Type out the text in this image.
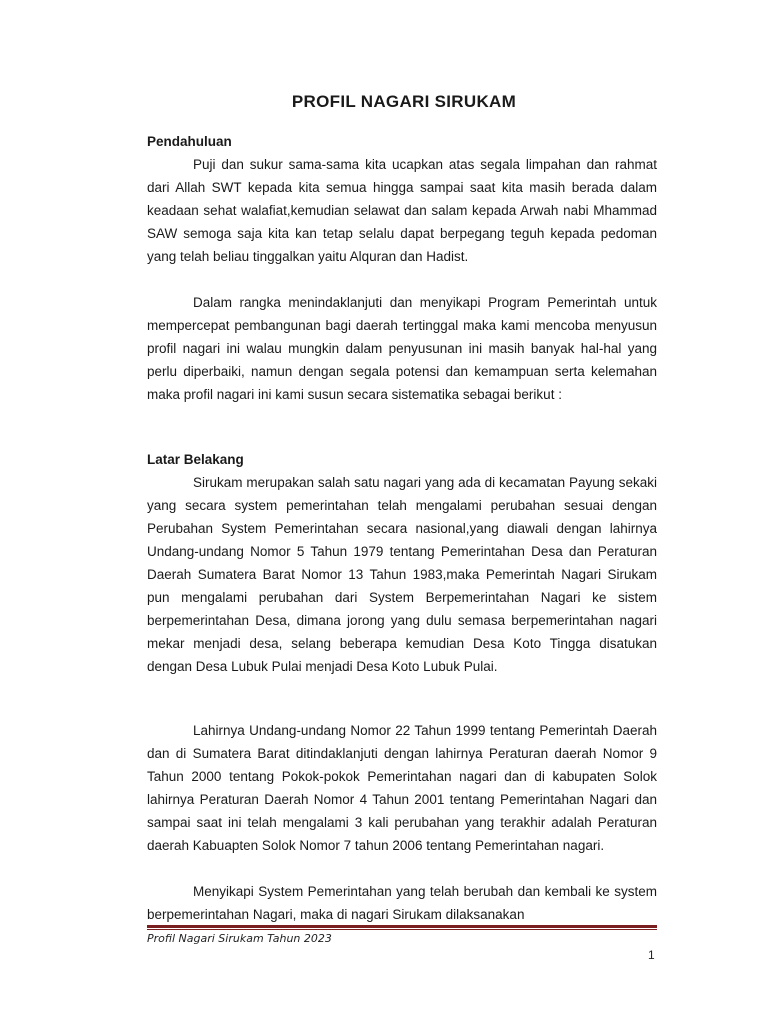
PROFIL NAGARI SIRUKAM
Pendahuluan

Puji dan sukur sama-sama kita ucapkan atas segala limpahan dan rahmat dari Allah SWT kepada kita semua hingga sampai saat kita masih berada dalam keadaan sehat walafiat,kemudian selawat dan salam kepada Arwah nabi Mhammad SAW semoga saja kita kan tetap selalu dapat berpegang teguh kepada pedoman yang telah beliau tinggalkan yaitu Alquran dan Hadist.

Dalam rangka menindaklanjuti dan menyikapi Program Pemerintah untuk mempercepat pembangunan bagi daerah tertinggal maka kami mencoba menyusun profil nagari ini walau mungkin dalam penyusunan ini masih banyak hal-hal yang perlu diperbaiki, namun dengan segala potensi dan kemampuan serta kelemahan maka profil nagari ini kami susun secara sistematika sebagai berikut :

Latar Belakang

Sirukam merupakan salah satu nagari yang ada di kecamatan Payung sekaki yang secara system pemerintahan telah mengalami perubahan sesuai dengan Perubahan System Pemerintahan secara nasional,yang diawali dengan lahirnya Undang-undang Nomor 5 Tahun 1979 tentang Pemerintahan Desa dan Peraturan Daerah Sumatera Barat Nomor 13 Tahun 1983,maka Pemerintah Nagari Sirukam pun mengalami perubahan dari System Berpemerintahan Nagari ke sistem berpemerintahan Desa, dimana jorong yang dulu semasa berpemerintahan nagari mekar menjadi desa, selang beberapa kemudian Desa Koto Tingga disatukan dengan Desa Lubuk Pulai menjadi Desa Koto Lubuk Pulai.

Lahirnya Undang-undang Nomor 22 Tahun 1999 tentang Pemerintah Daerah dan di Sumatera Barat ditindaklanjuti dengan lahirnya Peraturan daerah Nomor 9 Tahun 2000 tentang Pokok-pokok Pemerintahan nagari dan di kabupaten Solok lahirnya Peraturan Daerah Nomor 4 Tahun 2001 tentang Pemerintahan Nagari dan sampai saat ini telah mengalami 3 kali perubahan yang terakhir adalah Peraturan daerah Kabuapten Solok Nomor 7 tahun 2006 tentang Pemerintahan nagari.

Menyikapi System Pemerintahan yang telah berubah dan kembali ke system berpemerintahan Nagari, maka di nagari Sirukam dilaksanakan

Profil Nagari Sirukam Tahun 2023
1
